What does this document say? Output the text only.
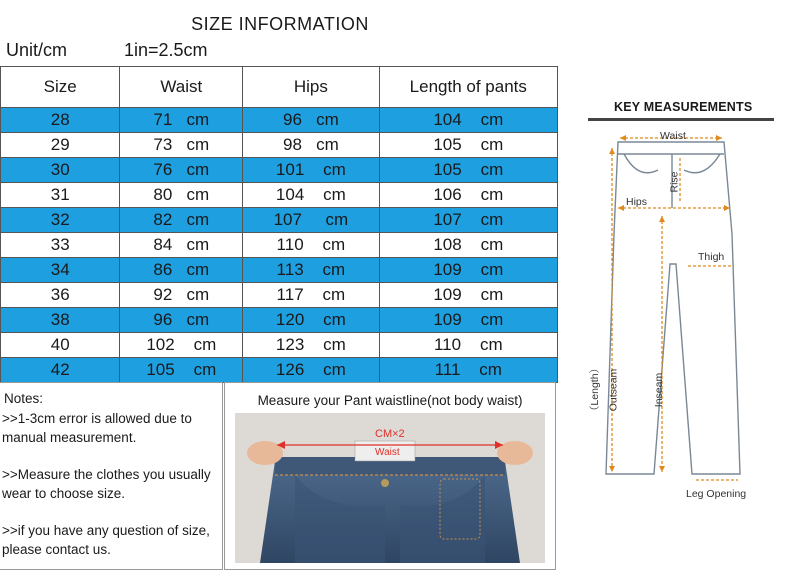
SIZE INFORMATION
Unit/cm	1in=2.5cm
Size	Waist	Hips	Length of pants
28	71   cm	96   cm	104    cm
29	73   cm	98   cm	105    cm
30	76   cm	101    cm	105    cm
31	80   cm	104    cm	106    cm
32	82   cm	107     cm	107    cm
33	84   cm	110    cm	108    cm
34	86   cm	113    cm	109    cm
36	92   cm	117    cm	109    cm
38	96   cm	120    cm	109    cm
40	102    cm	123    cm	110    cm
42	105    cm	126    cm	111    cm
Notes:

>>1-3cm error is allowed due to manual measurement.

>>Measure the clothes you usually wear to choose size.

>>if you have any question of size, please contact us.

Measure your Pant waistline(not body waist)
CM×2
Waist
KEY MEASUREMENTS
Waist
Rise
Hips
Thigh
（Length） Outseam	Inseam
Leg Opening
